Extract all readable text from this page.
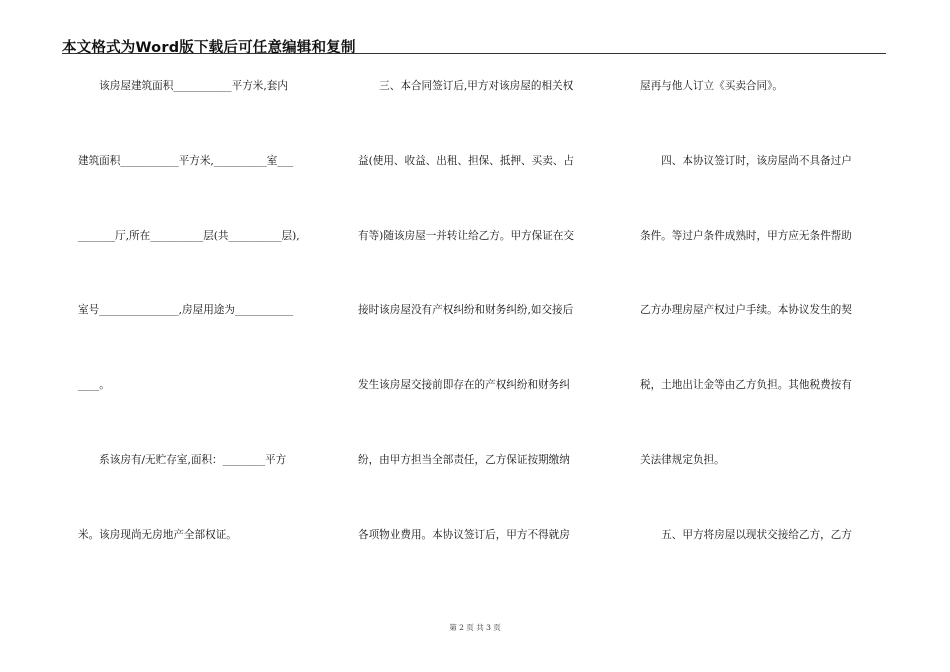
本文格式为Word版下载后可任意编辑和复制
　　该房屋建筑面积___________平方米,套内
建筑面积___________平方米,__________室___
_______厅,所在__________层(共__________层),
室号_______________,房屋用途为___________
____。
　　系该房有/无贮存室,面积：________平方
米。该房现尚无房地产全部权证。
　　三、本合同签订后,甲方对该房屋的相关权
益(使用、收益、出租、担保、抵押、买卖、占
有等)随该房屋一并转让给乙方。甲方保证在交
接时该房屋没有产权纠纷和财务纠纷,如交接后
发生该房屋交接前即存在的产权纠纷和财务纠
纷，由甲方担当全部责任，乙方保证按期缴纳
各项物业费用。本协议签订后，甲方不得就房
屋再与他人订立《买卖合同》。
　　四、本协议签订时，该房屋尚不具备过户
条件。等过户条件成熟时，甲方应无条件帮助
乙方办理房屋产权过户手续。本协议发生的契
税，土地出让金等由乙方负担。其他税费按有
关法律规定负担。
　　五、甲方将房屋以现状交接给乙方，乙方
第 2 页 共 3 页
